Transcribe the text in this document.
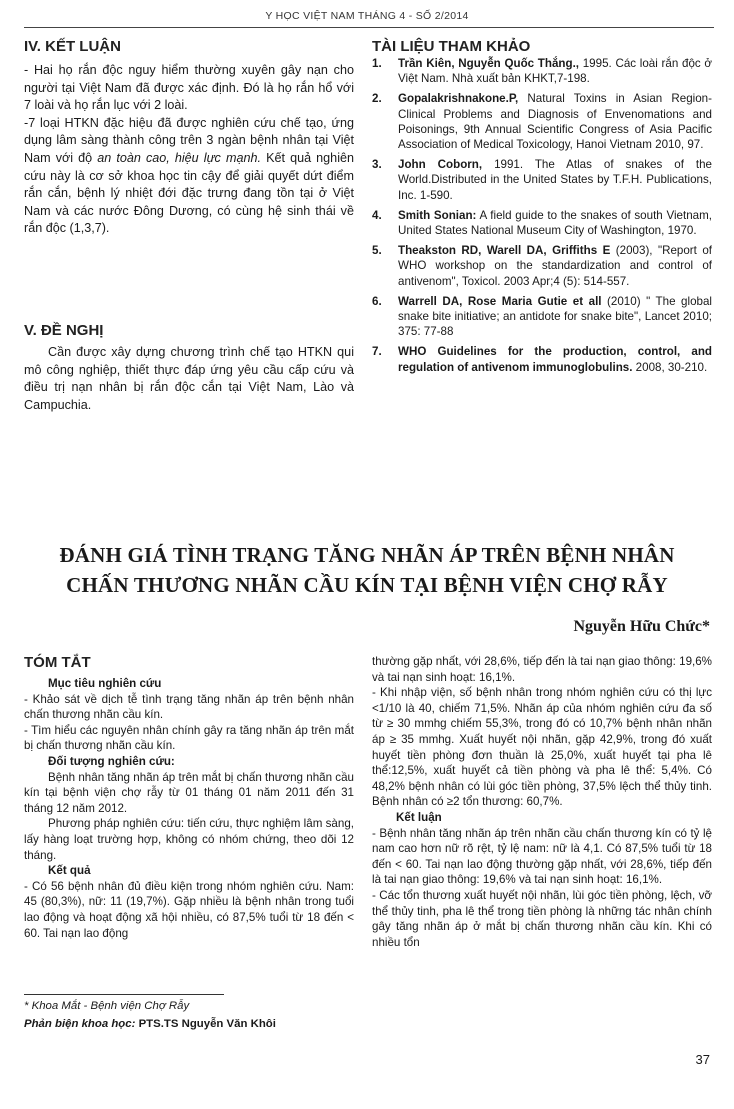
Y HỌC VIỆT NAM THÁNG 4 - SỐ 2/2014
IV. KẾT LUẬN
- Hai họ rắn độc nguy hiểm thường xuyên gây nạn cho người tại Việt Nam đã được xác định. Đó là họ rắn hổ với 7 loài và họ rắn lục với 2 loài.
-7 loại HTKN đặc hiệu đã được nghiên cứu chế tạo, ứng dụng lâm sàng thành công trên 3 ngàn bệnh nhân tại Việt Nam với độ an toàn cao, hiệu lực mạnh. Kết quả nghiên cứu này là cơ sở khoa học tin cậy để giải quyết dứt điểm rắn cắn, bệnh lý nhiệt đới đặc trưng đang tồn tại ở Việt Nam và các nước Đông Dương, có cùng hệ sinh thái về rắn độc (1,3,7).
V. ĐỀ NGHỊ
Cần được xây dựng chương trình chế tạo HTKN qui mô công nghiệp, thiết thực đáp ứng yêu cầu cấp cứu và điều trị nạn nhân bị rắn độc cắn tại Việt Nam, Lào và Campuchia.
TÀI LIỆU THAM KHẢO
1.	Trần Kiên, Nguyễn Quốc Thắng., 1995. Các loài rắn độc ở Việt Nam. Nhà xuất bản KHKT,7-198.
2.	Gopalakrishnakone.P, Natural Toxins in Asian Region-Clinical Problems and Diagnosis of Envenomations and Poisonings, 9th Annual Scientific Congress of Asia Pacific Association of Medical Toxicology, Hanoi Vietnam 2010, 97.
3.	John Coborn, 1991. The Atlas of snakes of the World.Distributed in the United States by T.F.H. Publications, Inc. 1-590.
4.	Smith Sonian: A field guide to the snakes of south Vietnam, United States National Museum City of Washington, 1970.
5.	Theakston RD, Warell DA, Griffiths E (2003), "Report of WHO workshop on the standardization and control of antivenom", Toxicol. 2003 Apr;4 (5): 514-557.
6.	Warrell DA, Rose Maria Gutie et all (2010) " The global snake bite initiative; an antidote for snake bite", Lancet 2010; 375: 77-88
7.	WHO Guidelines for the production, control, and regulation of antivenom immunoglobulins. 2008, 30-210.
ĐÁNH GIÁ TÌNH TRẠNG TĂNG NHÃN ÁP TRÊN BỆNH NHÂN
CHẤN THƯƠNG NHÃN CẦU KÍN TẠI BỆNH VIỆN CHỢ RẪY
Nguyễn Hữu Chức*
TÓM TẮT
Mục tiêu nghiên cứu
- Khảo sát về dịch tễ tình trạng tăng nhãn áp trên bệnh nhân chấn thương nhãn cầu kín.
- Tìm hiểu các nguyên nhân chính gây ra tăng nhãn áp trên mắt bị chấn thương nhãn cầu kín.
Đối tượng nghiên cứu:
Bệnh nhân tăng nhãn áp trên mắt bị chấn thương nhãn cầu kín tại bệnh viện chợ rẫy từ 01 tháng 01 năm 2011 đến 31 tháng 12 năm 2012.
Phương pháp nghiên cứu: tiến cứu, thực nghiệm lâm sàng, lấy hàng loạt trường hợp, không có nhóm chứng, theo dõi 12 tháng.
Kết quả
- Có 56 bệnh nhân đủ điều kiện trong nhóm nghiên cứu. Nam: 45 (80,3%), nữ: 11 (19,7%). Gặp nhiều là bệnh nhân trong tuổi lao động và hoạt động xã hội nhiều, có 87,5% tuổi từ 18 đến < 60. Tai nạn lao động
thường gặp nhất, với 28,6%, tiếp đến là tai nạn giao thông: 19,6% và tai nạn sinh hoạt: 16,1%.
- Khi nhập viện, số bệnh nhân trong nhóm nghiên cứu có thị lực <1/10 là 40, chiếm 71,5%. Nhãn áp của nhóm nghiên cứu đa số từ ≥ 30 mmhg chiếm 55,3%, trong đó có 10,7% bệnh nhân nhãn áp ≥ 35 mmhg. Xuất huyết nội nhãn, gặp 42,9%, trong đó xuất huyết tiền phòng đơn thuần là 25,0%, xuất huyết tại pha lê thể:12,5%, xuất huyết cả tiền phòng và pha lê thể: 5,4%. Có 48,2% bệnh nhân có lùi góc tiền phòng, 37,5% lệch thể thủy tinh. Bệnh nhân có ≥2 tổn thương: 60,7%.
Kết luận
- Bệnh nhân tăng nhãn áp trên nhãn cầu chấn thương kín có tỷ lệ nam cao hơn nữ rõ rệt, tỷ lệ nam: nữ là 4,1. Có 87,5% tuổi từ 18 đến < 60. Tai nạn lao động thường gặp nhất, với 28,6%, tiếp đến là tai nạn giao thông: 19,6% và tai nạn sinh hoạt: 16,1%.
- Các tổn thương xuất huyết nội nhãn, lùi góc tiền phòng, lệch, vỡ thể thủy tinh, pha lê thể trong tiền phòng là những tác nhân chính gây tăng nhãn áp ở mắt bị chấn thương nhãn cầu kín. Khi có nhiều tổn
* Khoa Mắt - Bệnh viện Chợ Rẫy
Phản biện khoa học: PTS.TS Nguyễn Văn Khôi
37
